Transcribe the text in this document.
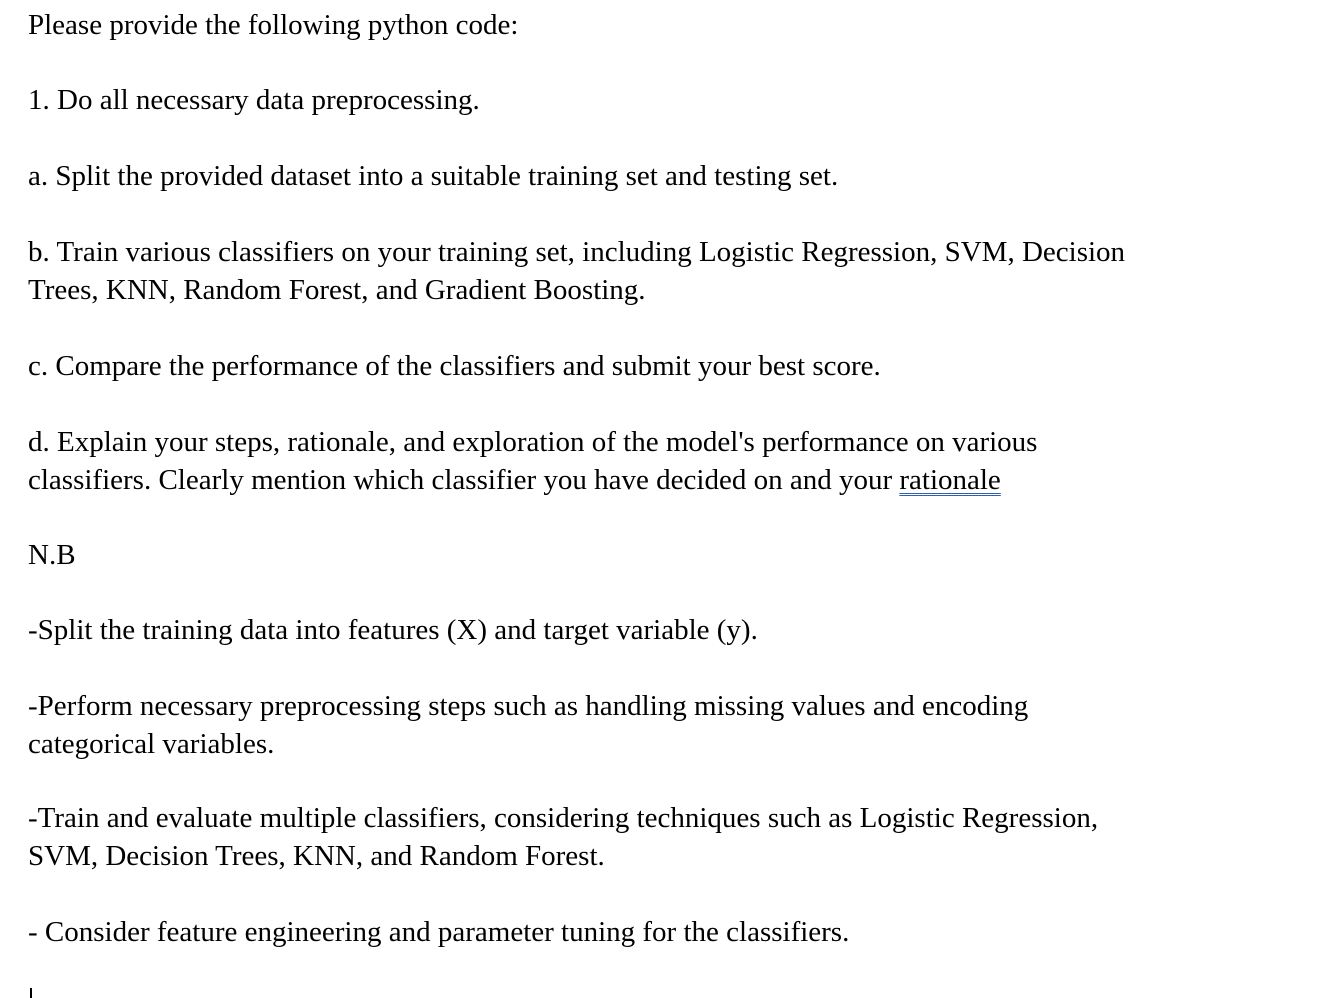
Please provide the following python code:

1. Do all necessary data preprocessing.

a. Split the provided dataset into a suitable training set and testing set.

b. Train various classifiers on your training set, including Logistic Regression, SVM, Decision
Trees, KNN, Random Forest, and Gradient Boosting.

c. Compare the performance of the classifiers and submit your best score.

d. Explain your steps, rationale, and exploration of the model's performance on various
classifiers. Clearly mention which classifier you have decided on and your rationale

N.B

-Split the training data into features (X) and target variable (y).

-Perform necessary preprocessing steps such as handling missing values and encoding
categorical variables.

-Train and evaluate multiple classifiers, considering techniques such as Logistic Regression,
SVM, Decision Trees, KNN, and Random Forest.

- Consider feature engineering and parameter tuning for the classifiers.
